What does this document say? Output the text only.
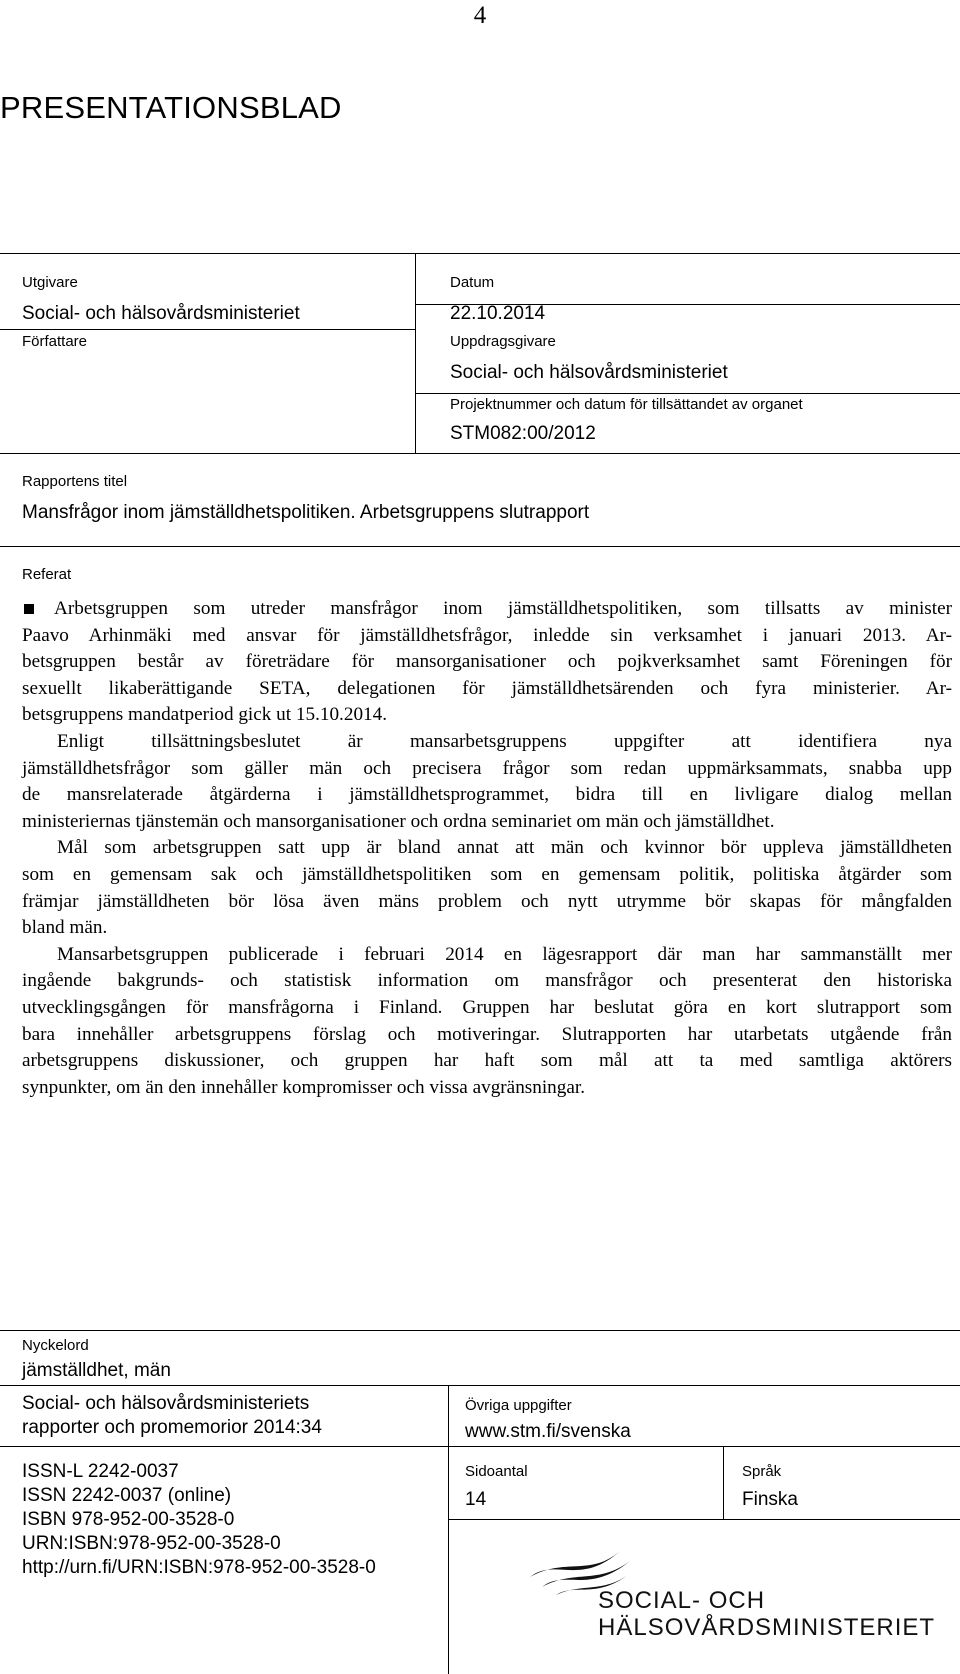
4
PRESENTATIONSBLAD
Utgivare
Social- och hälsovårdsministeriet
Datum
22.10.2014
Författare	Uppdragsgivare
Social- och hälsovårdsministeriet
Projektnummer och datum för tillsättandet av organet
STM082:00/2012
Rapportens titel
Mansfrågor inom jämställdhetspolitiken. Arbetsgruppens slutrapport
Referat
Arbetsgruppen som utreder mansfrågor inom jämställdhetspolitiken, som tillsatts av minister
Paavo Arhinmäki med ansvar för jämställdhetsfrågor, inledde sin verksamhet i januari 2013. Ar-
betsgruppen består av företrädare för mansorganisationer och pojkverksamhet samt Föreningen för
sexuellt likaberättigande SETA, delegationen för jämställdhetsärenden och fyra ministerier. Ar-
betsgruppens mandatperiod gick ut 15.10.2014.
Enligt tillsättningsbeslutet är mansarbetsgruppens uppgifter att identifiera nya
jämställdhetsfrågor som gäller män och precisera frågor som redan uppmärksammats, snabba upp
de mansrelaterade åtgärderna i jämställdhetsprogrammet, bidra till en livligare dialog mellan
ministeriernas tjänstemän och mansorganisationer och ordna seminariet om män och jämställdhet.
Mål som arbetsgruppen satt upp är bland annat att män och kvinnor bör uppleva jämställdheten
som en gemensam sak och jämställdhetspolitiken som en gemensam politik, politiska åtgärder som
främjar jämställdheten bör lösa även mäns problem och nytt utrymme bör skapas för mångfalden
bland män.
Mansarbetsgruppen publicerade i februari 2014 en lägesrapport där man har sammanställt mer
ingående bakgrunds- och statistisk information om mansfrågor och presenterat den historiska
utvecklingsgången för mansfrågorna i Finland. Gruppen har beslutat göra en kort slutrapport som
bara innehåller arbetsgruppens förslag och motiveringar. Slutrapporten har utarbetats utgående från
arbetsgruppens diskussioner, och gruppen har haft som mål att ta med samtliga aktörers
synpunkter, om än den innehåller kompromisser och vissa avgränsningar.
Nyckelord
jämställdhet, män
Social- och hälsovårdsministeriets
rapporter och promemorior 2014:34
Övriga uppgifter
www.stm.fi/svenska
ISSN-L 2242-0037
ISSN 2242-0037 (online)
ISBN 978-952-00-3528-0
URN:ISBN:978-952-00-3528-0
http://urn.fi/URN:ISBN:978-952-00-3528-0
Sidoantal
14
Språk
Finska
SOCIAL- OCH
HÄLSOVÅRDSMINISTERIET
